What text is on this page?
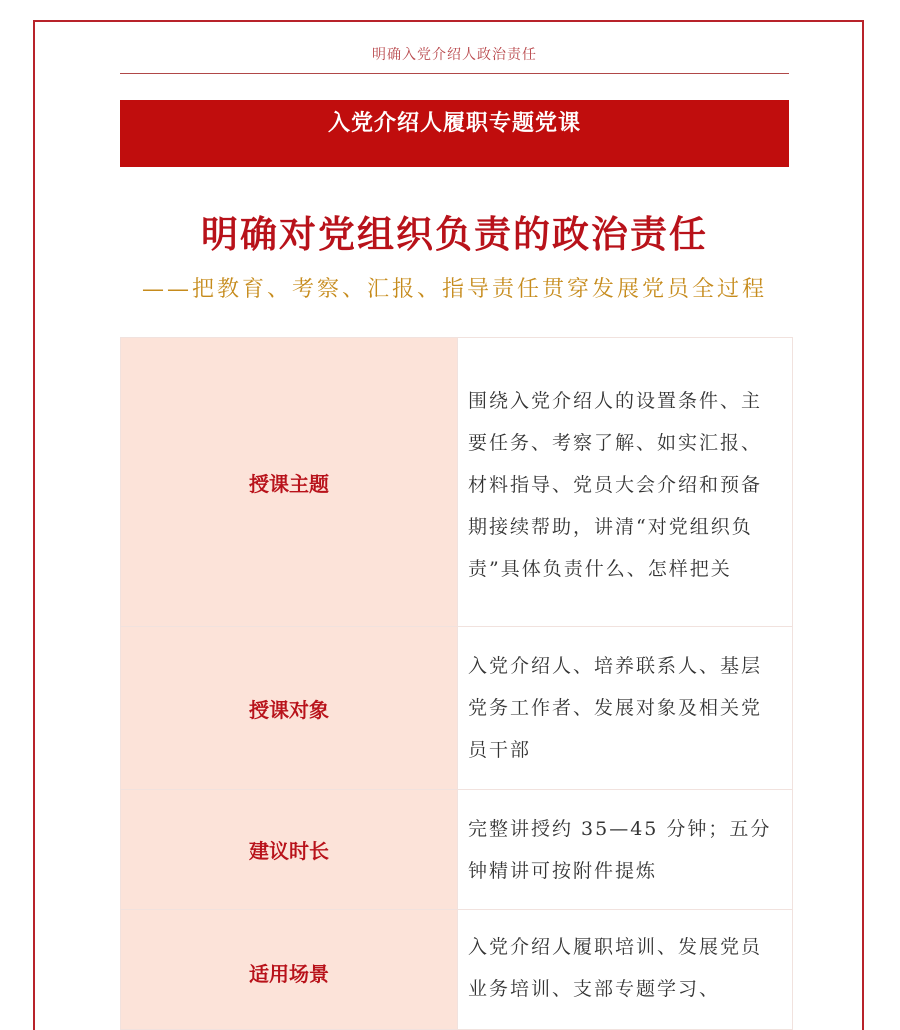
明确入党介绍人政治责任
入党介绍人履职专题党课
明确对党组织负责的政治责任
——把教育、考察、汇报、指导责任贯穿发展党员全过程
授课主题	围绕入党介绍人的设置条件、主要任务、考察了解、如实汇报、材料指导、党员大会介绍和预备期接续帮助，讲清“对党组织负责”具体负责什么、怎样把关
授课对象	入党介绍人、培养联系人、基层党务工作者、发展对象及相关党员干部
建议时长	完整讲授约 35—45 分钟；五分钟精讲可按附件提炼
适用场景	入党介绍人履职培训、发展党员业务培训、支部专题学习、
